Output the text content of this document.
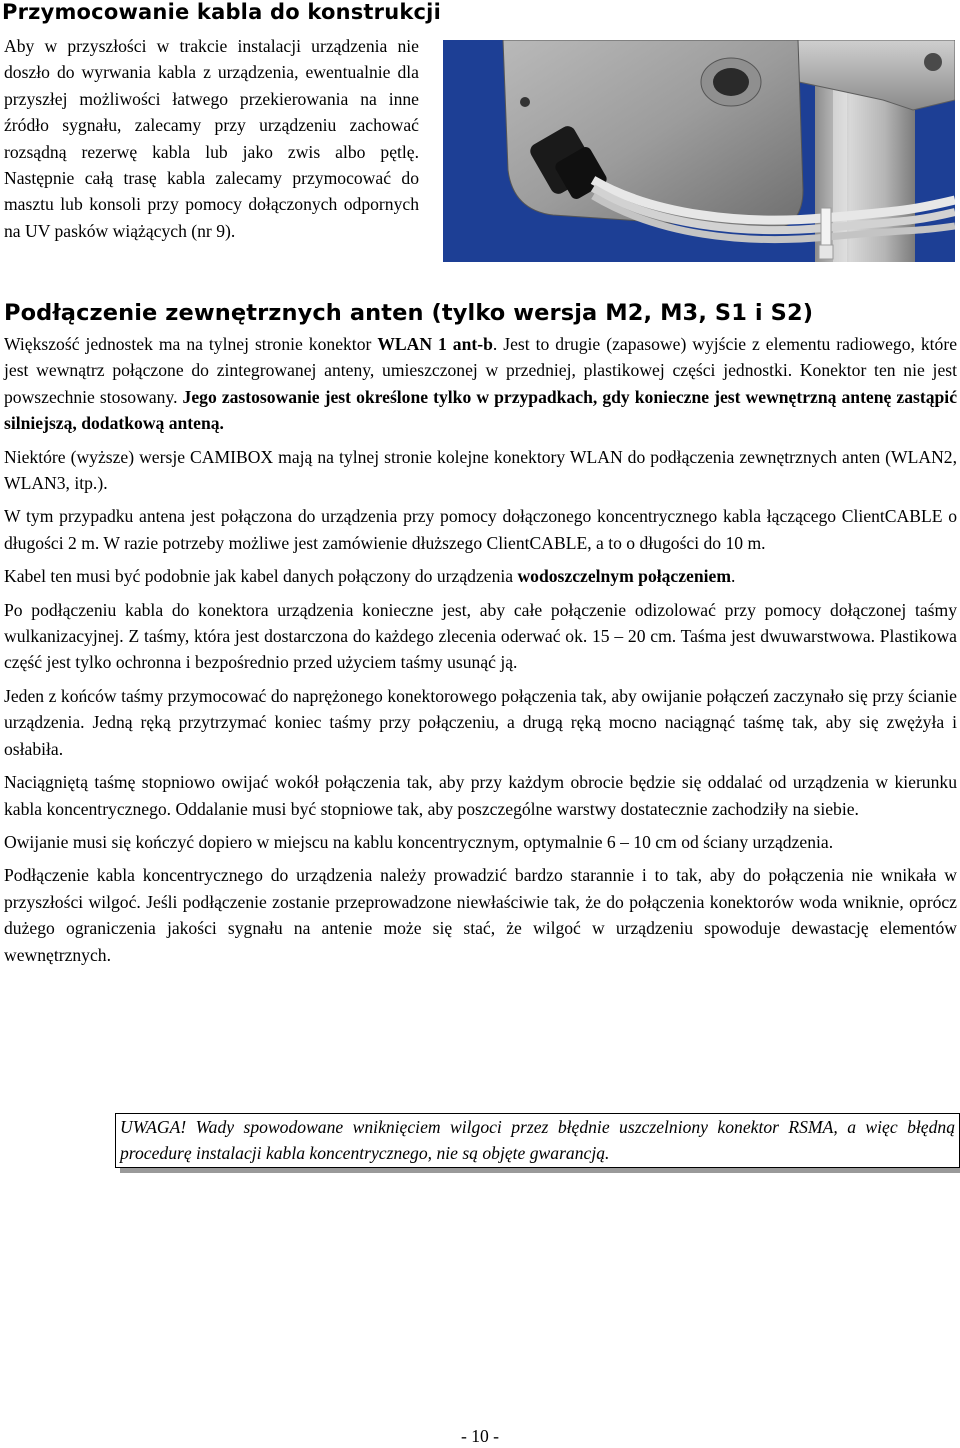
Przymocowanie kabla do konstrukcji

Aby w przyszłości w trakcie instalacji urządzenia nie doszło do wyrwania kabla z urządzenia, ewentualnie dla przyszłej możliwości łatwego przekierowania na inne źródło sygnału, zalecamy przy urządzeniu zachować rozsądną rezerwę kabla lub jako zwis albo pętlę. Następnie całą trasę kabla zalecamy przymocować do masztu lub konsoli przy pomocy dołączonych odpornych na UV pasków wiążących (nr 9).

Podłączenie zewnętrznych anten (tylko wersja M2, M3, S1 i S2)

Większość jednostek ma na tylnej stronie konektor WLAN 1 ant-b. Jest to drugie (zapasowe) wyjście z elementu radiowego, które jest wewnątrz połączone do zintegrowanej anteny, umieszczonej w przedniej, plastikowej części jednostki. Konektor ten nie jest powszechnie stosowany. Jego zastosowanie jest określone tylko w przypadkach, gdy konieczne jest wewnętrzną antenę zastąpić silniejszą, dodatkową anteną.

Niektóre (wyższe) wersje CAMIBOX mają na tylnej stronie kolejne konektory WLAN do podłączenia zewnętrznych anten (WLAN2, WLAN3, itp.).

W tym przypadku antena jest połączona do urządzenia przy pomocy dołączonego koncentrycznego kabla łączącego ClientCABLE o długości 2 m. W razie potrzeby możliwe jest zamówienie dłuższego ClientCABLE, a to o długości do 10 m.

Kabel ten musi być podobnie jak kabel danych połączony do urządzenia wodoszczelnym połączeniem.

Po podłączeniu kabla do konektora urządzenia konieczne jest, aby całe połączenie odizolować przy pomocy dołączonej taśmy wulkanizacyjnej. Z taśmy, która jest dostarczona do każdego zlecenia oderwać ok. 15 – 20 cm. Taśma jest dwuwarstwowa. Plastikowa część jest tylko ochronna i bezpośrednio przed użyciem taśmy usunąć ją.

Jeden z końców taśmy przymocować do naprężonego konektorowego połączenia tak, aby owijanie połączeń zaczynało się przy ścianie urządzenia. Jedną ręką przytrzymać koniec taśmy przy połączeniu, a drugą ręką mocno naciągnąć taśmę tak, aby się zwężyła i osłabiła.

Naciągniętą taśmę stopniowo owijać wokół połączenia tak, aby przy każdym obrocie będzie się oddalać od urządzenia w kierunku kabla koncentrycznego. Oddalanie musi być stopniowe tak, aby poszczególne warstwy dostatecznie zachodziły na siebie.

Owijanie musi się kończyć dopiero w miejscu na kablu koncentrycznym, optymalnie 6 – 10 cm od ściany urządzenia.

Podłączenie kabla koncentrycznego do urządzenia należy prowadzić bardzo starannie i to tak, aby do połączenia nie wnikała w przyszłości wilgoć. Jeśli podłączenie zostanie przeprowadzone niewłaściwie tak, że do połączenia konektorów woda wniknie, oprócz dużego ograniczenia jakości sygnału na antenie może się stać, że wilgoć w urządzeniu spowoduje dewastację elementów wewnętrznych.

UWAGA! Wady spowodowane wniknięciem wilgoci przez błędnie uszczelniony konektor RSMA, a więc błędną procedurę instalacji kabla koncentrycznego, nie są objęte gwarancją.

- 10 -
